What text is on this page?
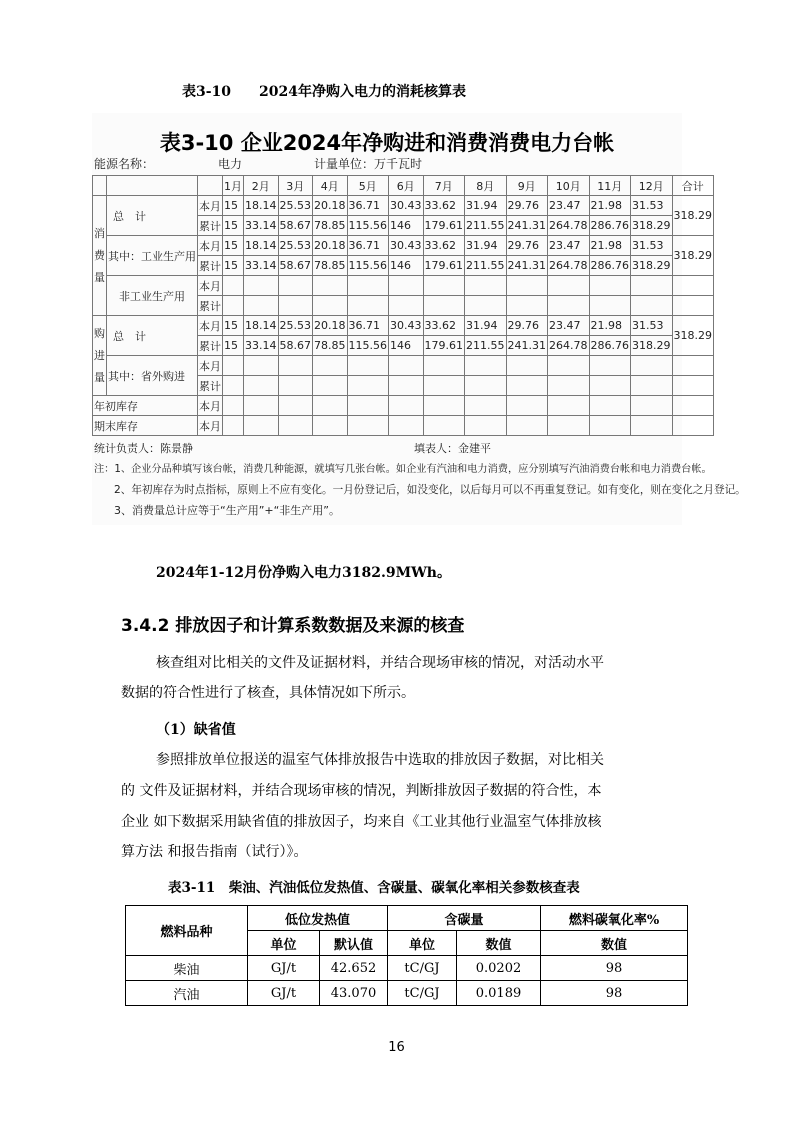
表3-10　　2024年净购入电力的消耗核算表
表3-10 企业2024年净购进和消费消费电力台帐
能源名称：	电力	计量单位：万千瓦时
			1月	2月	3月	4月	5月	6月	7月	8月	9月	10月	11月	12月	合计
消费量	总　计	本月	15	18.14	25.53	20.18	36.71	30.43	33.62	31.94	29.76	23.47	21.98	31.53	318.29
		累计	15	33.14	58.67	78.85	115.56	146	179.61	211.55	241.31	264.78	286.76	318.29	
	其中：工业生产用	本月	15	18.14	25.53	20.18	36.71	30.43	33.62	31.94	29.76	23.47	21.98	31.53	318.29
		累计	15	33.14	58.67	78.85	115.56	146	179.61	211.55	241.31	264.78	286.76	318.29	
	非工业生产用	本月													
		累计													
购进量	总　计	本月	15	18.14	25.53	20.18	36.71	30.43	33.62	31.94	29.76	23.47	21.98	31.53	318.29
		累计	15	33.14	58.67	78.85	115.56	146	179.61	211.55	241.31	264.78	286.76	318.29	
	其中：省外购进	本月													
		累计													
年初库存		本月													
期末库存		本月													
统计负责人：陈景静	填表人：金建平
注：1、企业分品种填写该台帐，消费几种能源，就填写几张台帐。如企业有汽油和电力消费，应分别填写汽油消费台帐和电力消费台帐。
2、年初库存为时点指标，原则上不应有变化。一月份登记后，如没变化，以后每月可以不再重复登记。如有变化，则在变化之月登记。
3、消费量总计应等于“生产用”+“非生产用”。
2024年1-12月份净购入电力3182.9MWh。
3.4.2 排放因子和计算系数数据及来源的核查
核查组对比相关的文件及证据材料，并结合现场审核的情况，对活动水平
数据的符合性进行了核查，具体情况如下所示。
（1）缺省值
参照排放单位报送的温室气体排放报告中选取的排放因子数据，对比相关
的 文件及证据材料，并结合现场审核的情况，判断排放因子数据的符合性，本
企业 如下数据采用缺省值的排放因子，均来自《工业其他行业温室气体排放核
算方法 和报告指南（试行）》。
表3-11　柴油、汽油低位发热值、含碳量、碳氧化率相关参数核查表
燃料品种	低位发热值		含碳量		燃料碳氧化率%
	单位	默认值	单位	数值	数值
柴油	GJ/t	42.652	tC/GJ	0.0202	98
汽油	GJ/t	43.070	tC/GJ	0.0189	98
16
